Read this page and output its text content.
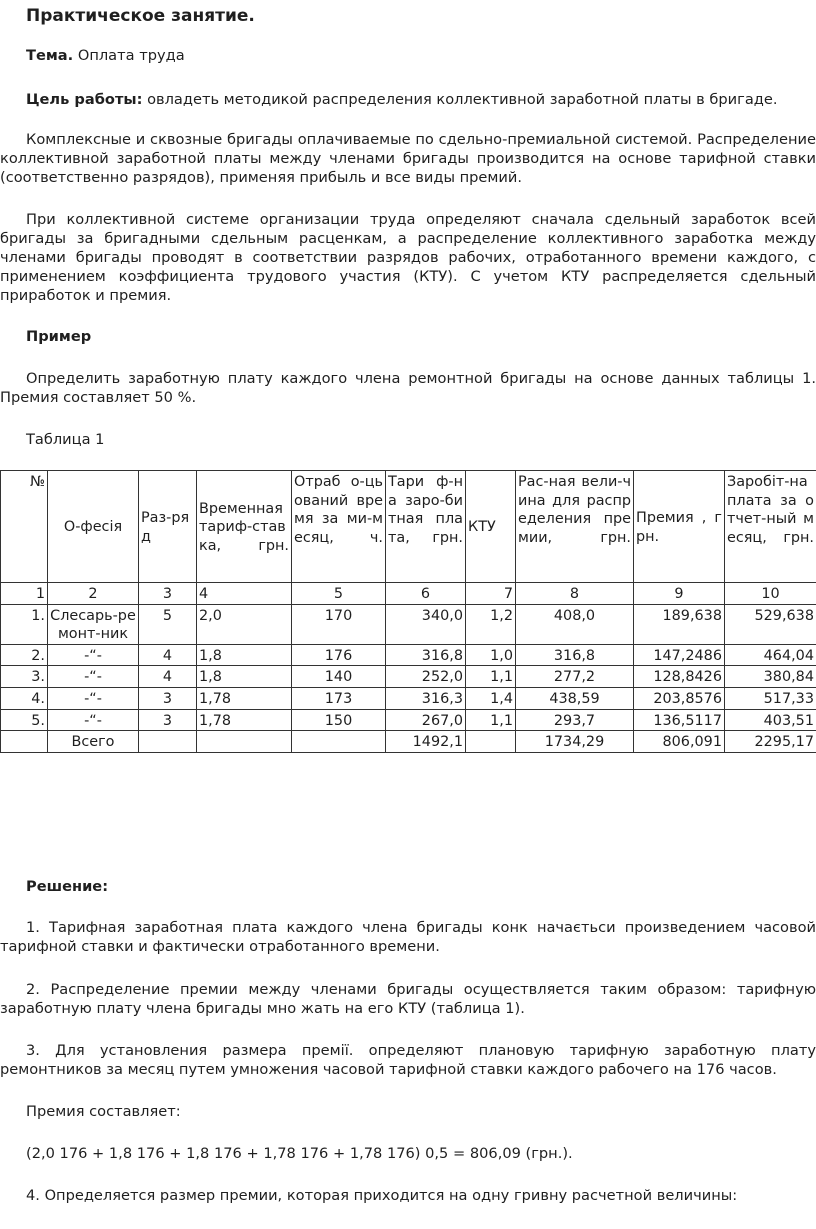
Практическое занятие.
Тема. Оплата труда
Цель работы: овладеть методикой распределения коллективной заработной платы в бригаде.
Комплексные и сквозные бригады оплачиваемые по сдельно-премиальной системой. Распределение коллективной заработной платы между членами бригады производится на основе тарифной ставки (соответственно разрядов), применяя прибыль и все виды премий.
При коллективной системе организации труда определяют сначала сдельный заработок всей бригады за бригадными сдельным расценкам, а распределение коллективного заработка между членами бригады проводят в соответствии разрядов рабочих, отработанного времени каждого, с применением коэффициента трудового участия (КТУ). С учетом КТУ распределяется сдельный приработок и премия.
Пример
Определить заработную плату каждого члена ремонтной бригады на основе данных таблицы 1. Премия составляет 50 %.
Таблица 1
№	О-фесія	Раз-ряд	Временная тариф-ставка, грн.	Отраб о-цьований время за ми-месяц, ч.	Тари ф-на заро-битная плата, грн.	КТУ	Рас-ная вели-чина для распределения премии, грн.	Премия , грн.	Заробіт-на плата за отчет-ный месяц, грн.
1	2	3	4	5	6	7	8	9	10
1.	Слесарь-ремонт-ник	5	2,0	170	340,0	1,2	408,0	189,638	529,638
2.	-“-	4	1,8	176	316,8	1,0	316,8	147,2486	464,04
3.	-“-	4	1,8	140	252,0	1,1	277,2	128,8426	380,84
4.	-“-	3	1,78	173	316,3	1,4	438,59	203,8576	517,33
5.	-“-	3	1,78	150	267,0	1,1	293,7	136,5117	403,51
	Всего				1492,1		1734,29	806,091	2295,17
Решение:
1. Тарифная заработная плата каждого члена бригады конк начаєтьси произведением часовой тарифной ставки и фактически отработанного времени.
2. Распределение премии между членами бригады осуществляется таким образом: тарифную заработную плату члена бригады мно жать на его КТУ (таблица 1).
3. Для установления размера премії. определяют плановую тарифную заработную плату ремонтников за месяц путем умножения часовой тарифной ставки каждого рабочего на 176 часов.
Премия составляет:
(2,0 176 + 1,8 176 + 1,8 176 + 1,78 176 + 1,78 176) 0,5 = 806,09 (грн.).
4. Определяется размер премии, которая приходится на одну гривну расчетной величины:
